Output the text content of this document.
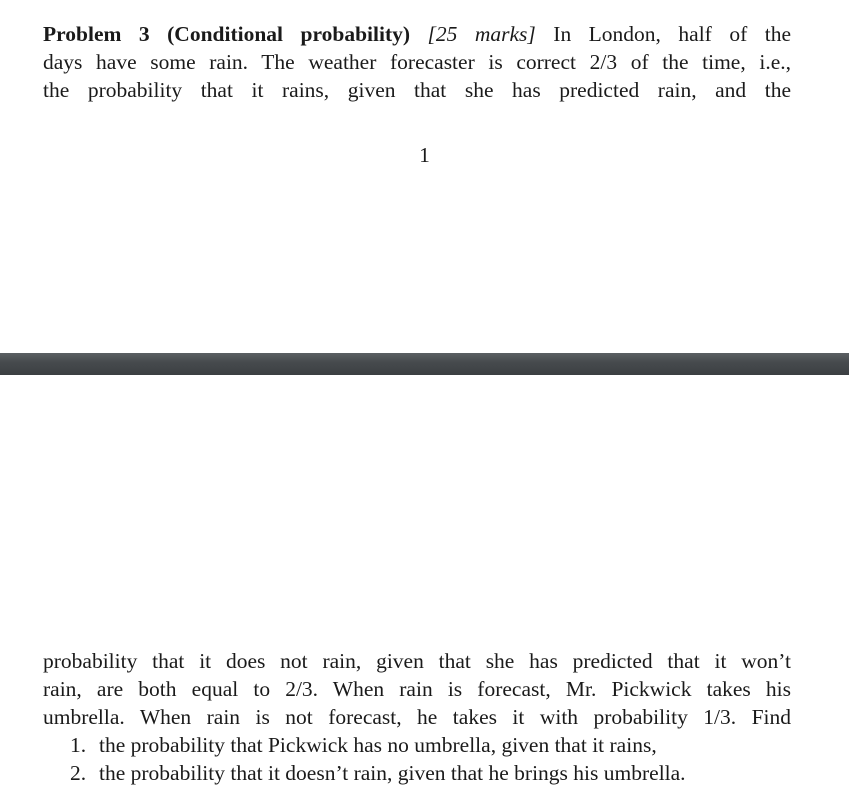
Problem 3 (Conditional probability) [25 marks] In London, half of the
days have some rain. The weather forecaster is correct 2/3 of the time, i.e.,
the probability that it rains, given that she has predicted rain, and the
1
probability that it does not rain, given that she has predicted that it won’t
rain, are both equal to 2/3. When rain is forecast, Mr. Pickwick takes his
umbrella. When rain is not forecast, he takes it with probability 1/3. Find
1. the probability that Pickwick has no umbrella, given that it rains,
2. the probability that it doesn’t rain, given that he brings his umbrella.
